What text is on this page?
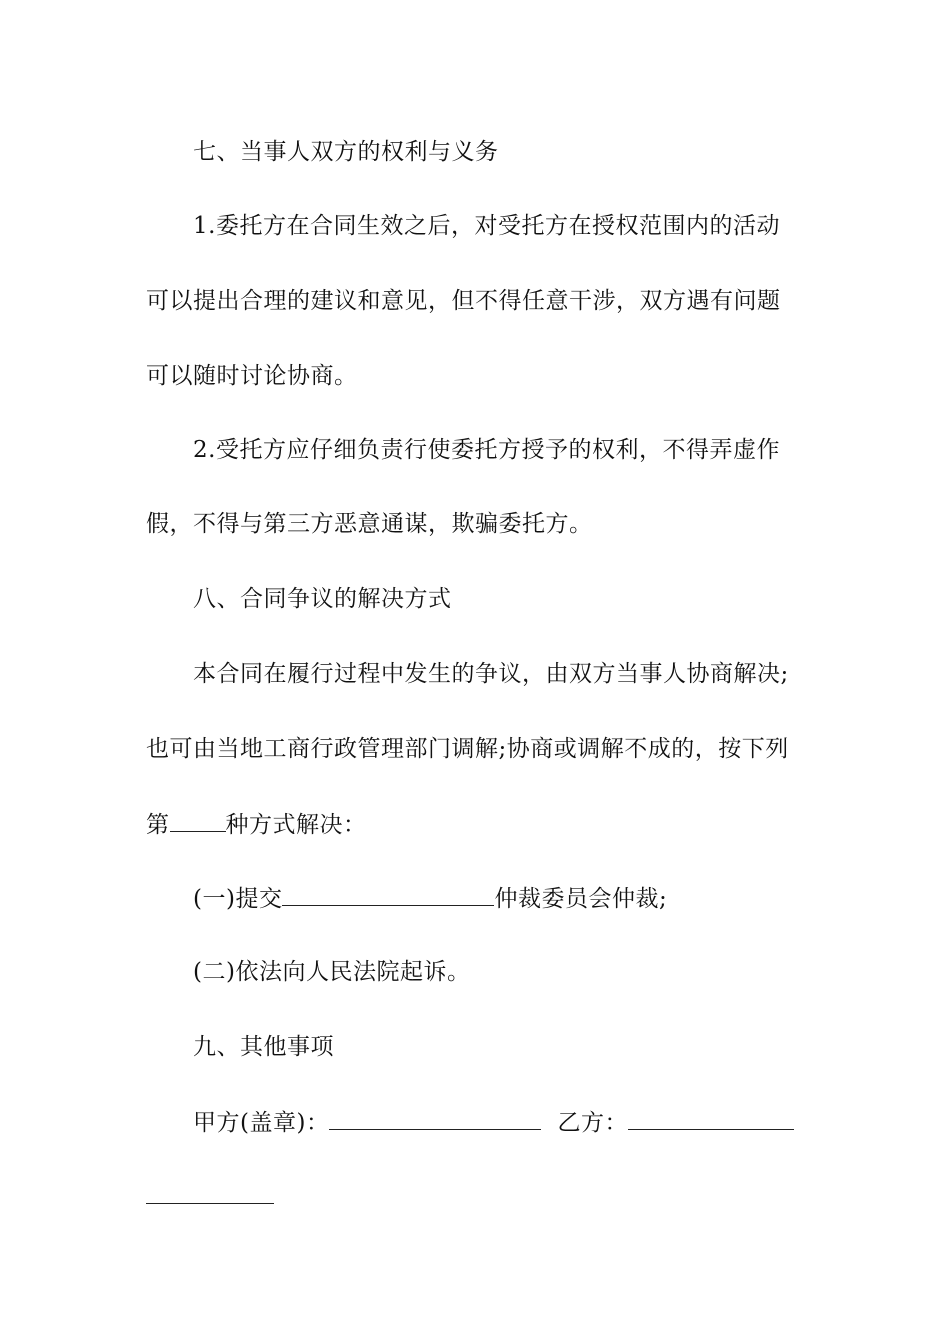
七、当事人双方的权利与义务
1.委托方在合同生效之后，对受托方在授权范围内的活动
可以提出合理的建议和意见，但不得任意干涉，双方遇有问题
可以随时讨论协商。
2.受托方应仔细负责行使委托方授予的权利，不得弄虚作
假，不得与第三方恶意通谋，欺骗委托方。
八、合同争议的解决方式
本合同在履行过程中发生的争议，由双方当事人协商解决;
也可由当地工商行政管理部门调解;协商或调解不成的，按下列
第 种方式解决：
(一)提交	仲裁委员会仲裁;
(二)依法向人民法院起诉。
九、其他事项
甲方(盖章)：	乙方：
